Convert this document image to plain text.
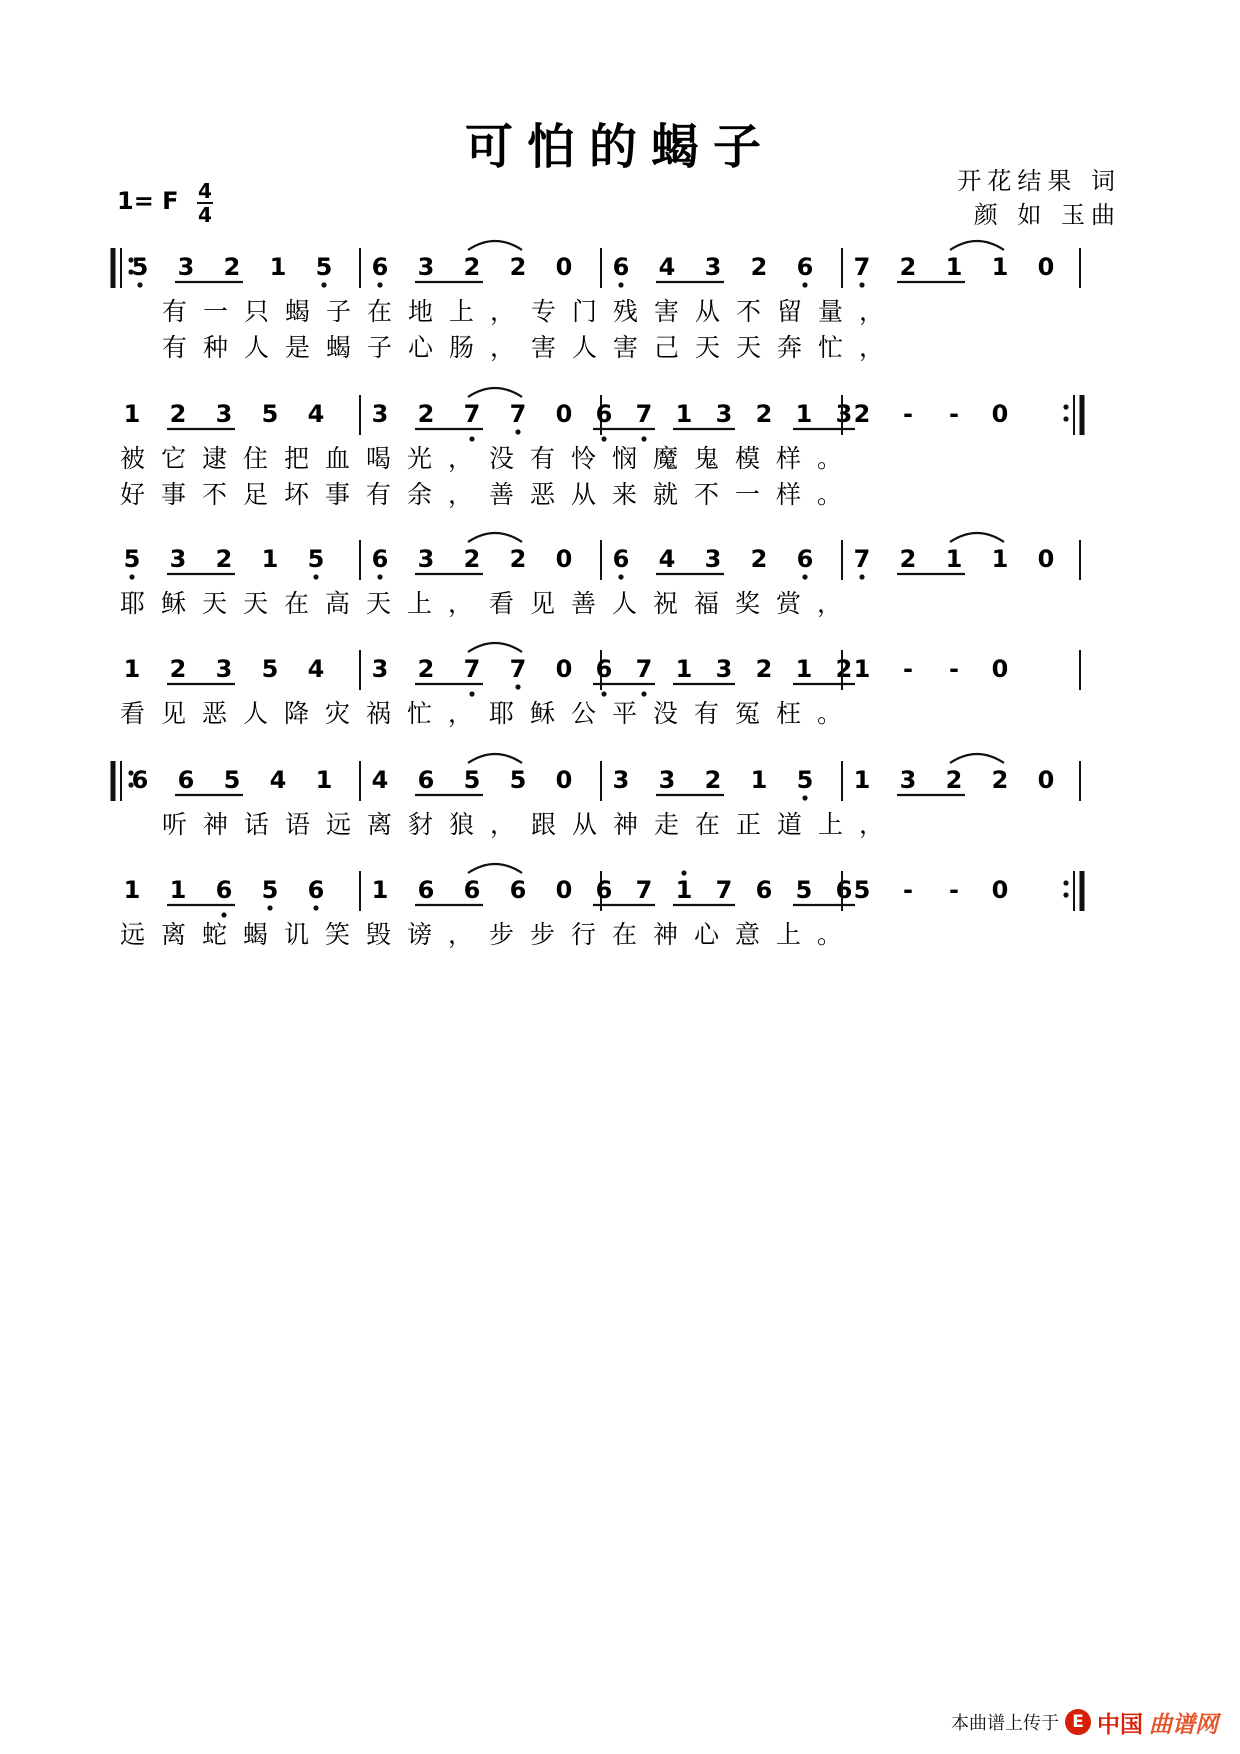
可怕的蝎子
1= F 4
4
开花结果 词
颜 如 玉曲
5 3 2 1 5 6 3 2 2 0 6 4 3 2 6 7 2 1 1 0
有一只蝎子在地上，专门残害从不留量，
有种人是蝎子心肠，害人害己天天奔忙，
1 2 3 5 4 3 2 7 7 0 6 7 1 3 2 1 3 2 - - 0
被它逮住把血喝光，没有怜悯魔鬼模样。
好事不足坏事有余，善恶从来就不一样。
5 3 2 1 5 6 3 2 2 0 6 4 3 2 6 7 2 1 1 0
耶稣天天在高天上，看见善人祝福奖赏，
1 2 3 5 4 3 2 7 7 0 6 7 1 3 2 1 2 1 - - 0
看见恶人降灾祸忙，耶稣公平没有冤枉。
6 6 5 4 1 4 6 5 5 0 3 3 2 1 5 1 3 2 2 0
听神话语远离豺狼，跟从神走在正道上，
1 1 6 5 6 1 6 6 6 0 6 7 1 7 6 5 6 5 - - 0
远离蛇蝎讥笑毁谤，步步行在神心意上。
本曲谱上传于 E 中国 曲谱网
